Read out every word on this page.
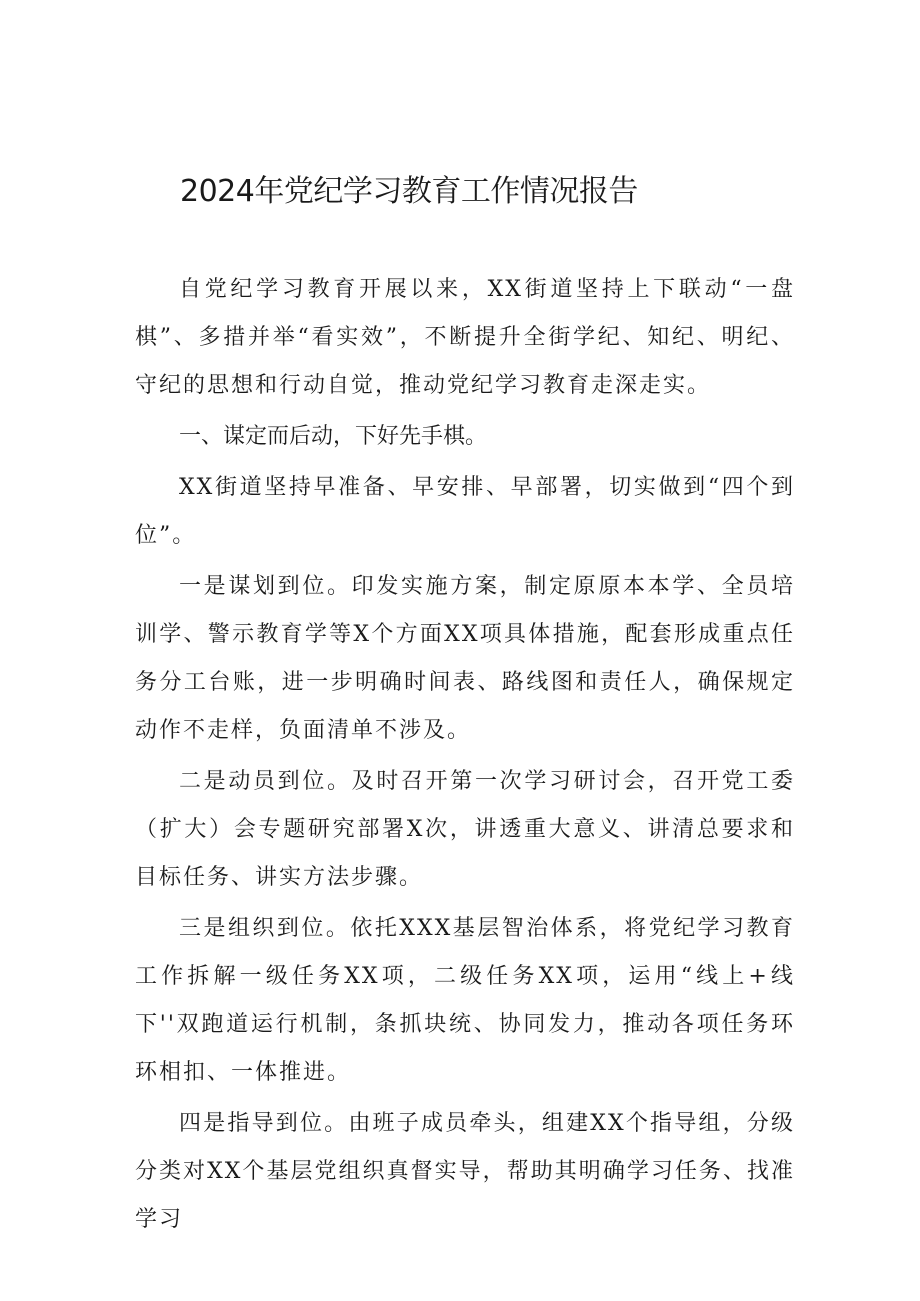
2024年党纪学习教育工作情况报告

自党纪学习教育开展以来，XX街道坚持上下联动“一盘棋”、多措并举“看实效”，不断提升全街学纪、知纪、明纪、守纪的思想和行动自觉，推动党纪学习教育走深走实。

一、谋定而后动，下好先手棋。

XX街道坚持早准备、早安排、早部署，切实做到“四个到位”。

一是谋划到位。印发实施方案，制定原原本本学、全员培训学、警示教育学等X个方面XX项具体措施，配套形成重点任务分工台账，进一步明确时间表、路线图和责任人，确保规定动作不走样，负面清单不涉及。

二是动员到位。及时召开第一次学习研讨会，召开党工委（扩大）会专题研究部署X次，讲透重大意义、讲清总要求和目标任务、讲实方法步骤。

三是组织到位。依托XXX基层智治体系，将党纪学习教育工作拆解一级任务XX项，二级任务XX项，运用“线上+线下''双跑道运行机制，条抓块统、协同发力，推动各项任务环环相扣、一体推进。

四是指导到位。由班子成员牵头，组建XX个指导组，分级分类对XX个基层党组织真督实导，帮助其明确学习任务、找准学习
